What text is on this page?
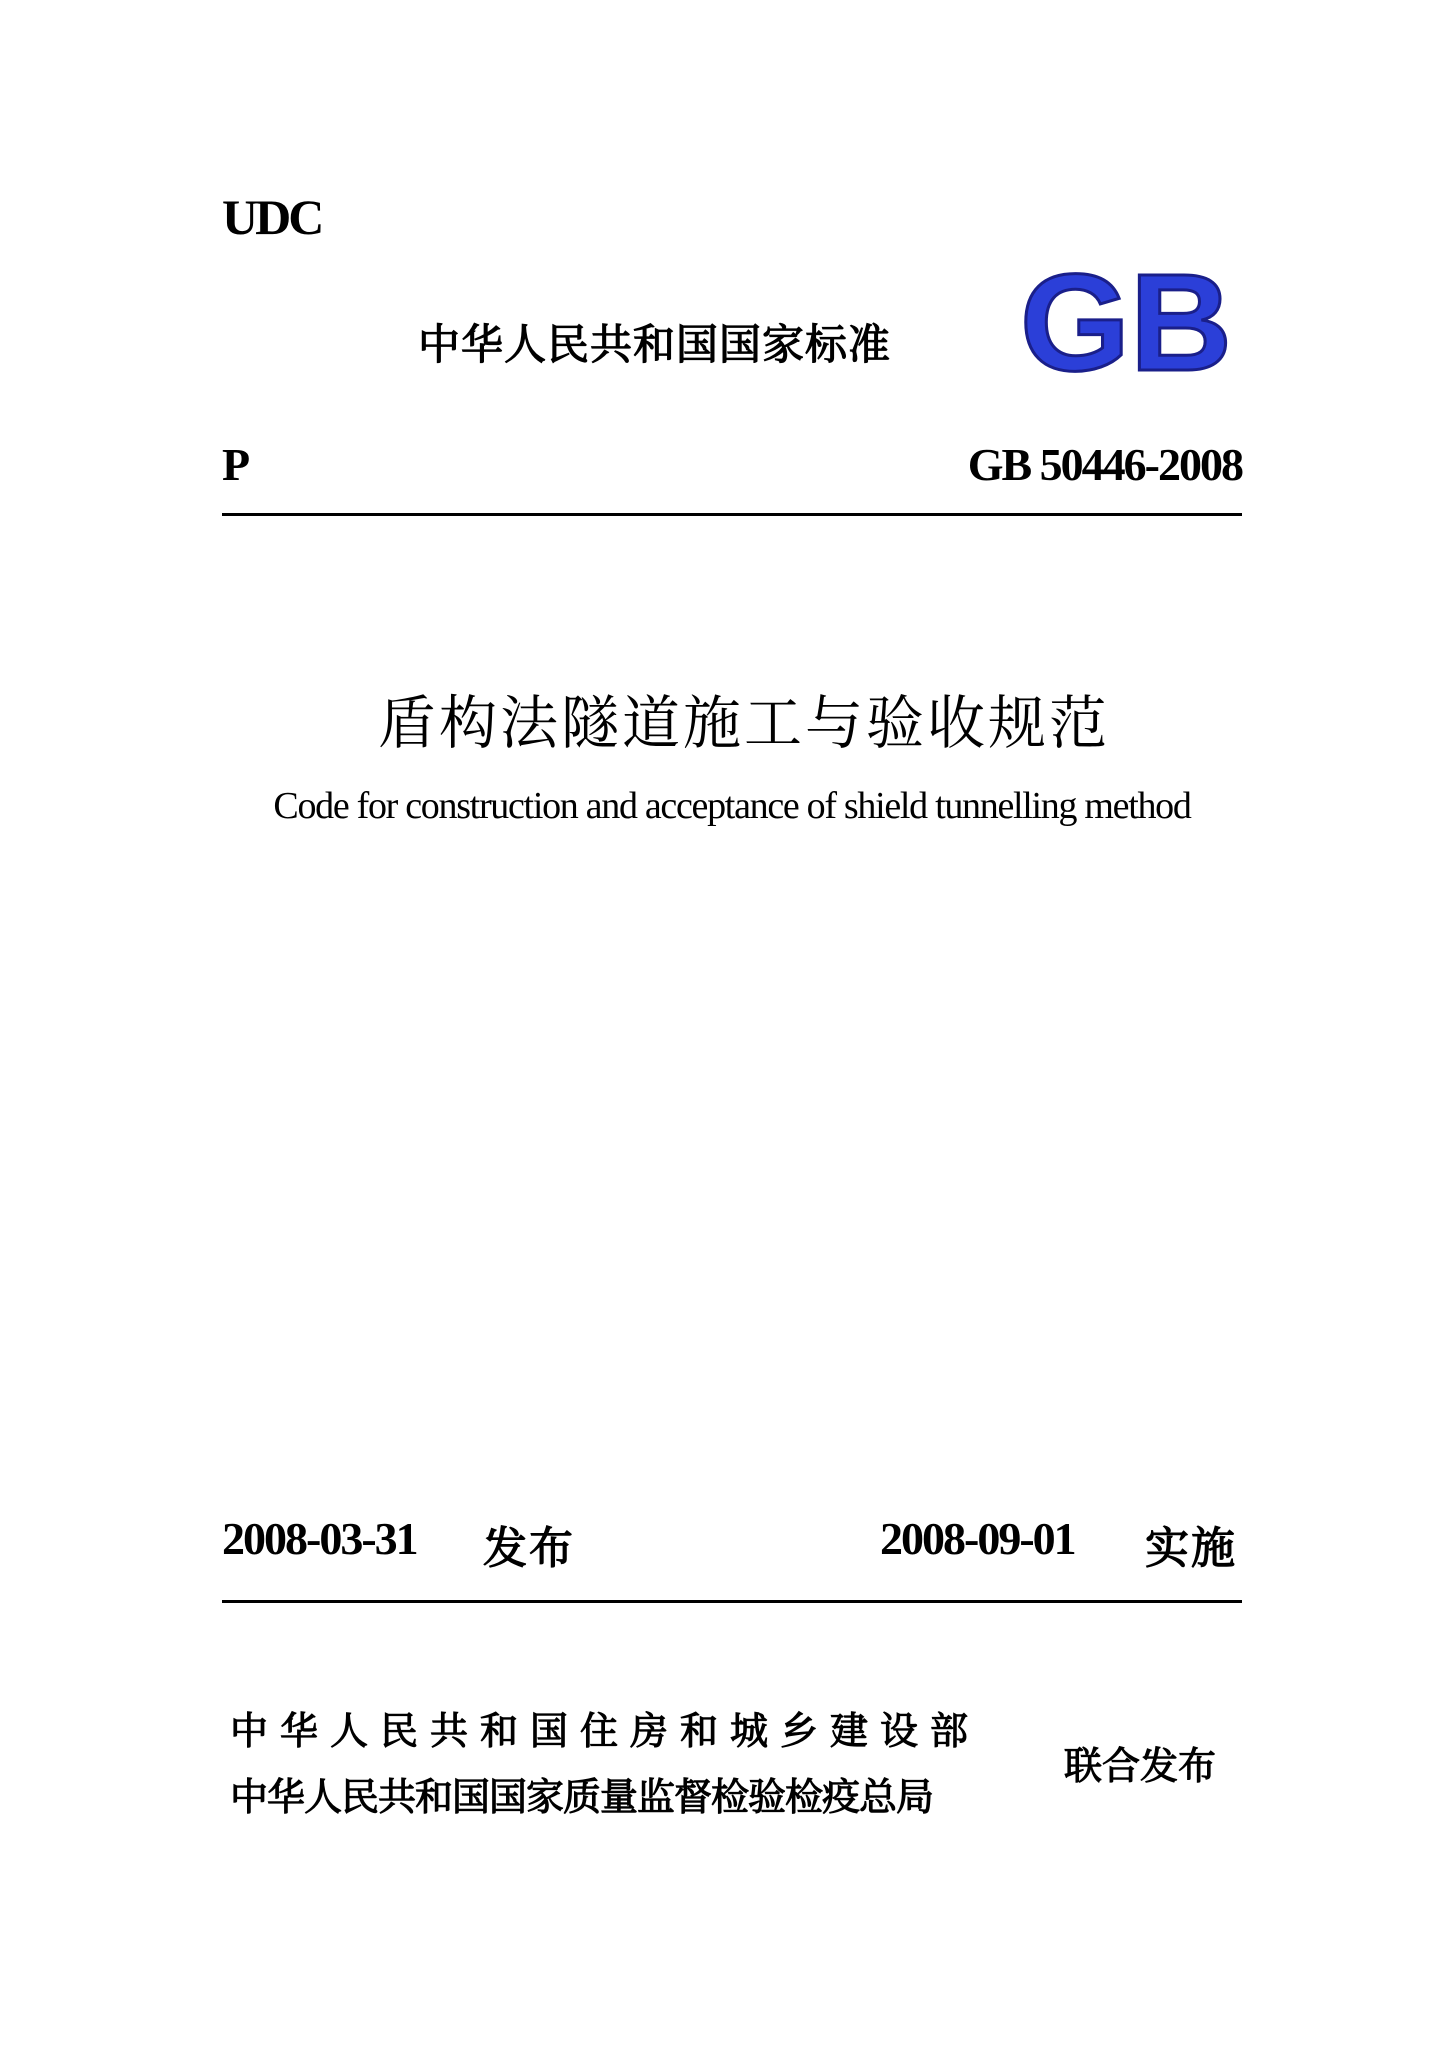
UDC
中华人民共和国国家标准 GB
P	GB 50446-2008
盾构法隧道施工与验收规范
Code for construction and acceptance of shield tunnelling method
2008-03-31 发布	2008-09-01 实施
中华人民共和国住房和城乡建设部
中华人民共和国国家质量监督检验检疫总局
联合发布
